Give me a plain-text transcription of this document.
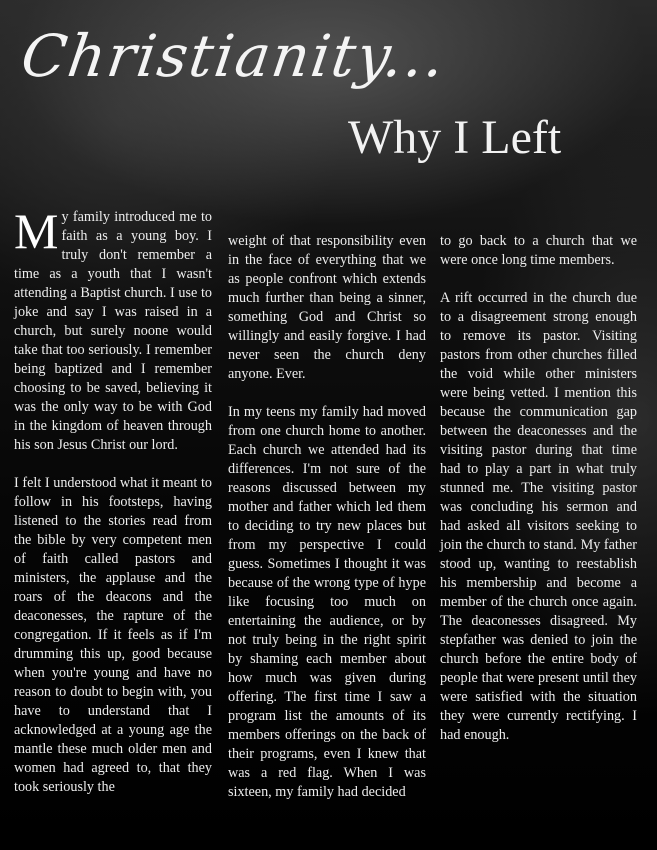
Christianity...
Why I Left

My family introduced me to faith as a young boy. I truly don't remember a time as a youth that I wasn't attending a Baptist church. I use to joke and say I was raised in a church, but surely noone would take that too seriously. I remember being baptized and I remember choosing to be saved, believing it was the only way to be with God in the kingdom of heaven through his son Jesus Christ our lord.

I felt I understood what it meant to follow in his footsteps, having listened to the stories read from the bible by very competent men of faith called pastors and ministers, the applause and the roars of the deacons and the deaconesses, the rapture of the congregation. If it feels as if I'm drumming this up, good because when you're young and have no reason to doubt to begin with, you have to understand that I acknowledged at a young age the mantle these much older men and women had agreed to, that they took seriously the

weight of that responsibility even in the face of everything that we as people confront which extends much further than being a sinner, something God and Christ so willingly and easily forgive. I had never seen the church deny anyone. Ever.

In my teens my family had moved from one church home to another. Each church we attended had its differences. I'm not sure of the reasons discussed between my mother and father which led them to deciding to try new places but from my perspective I could guess. Sometimes I thought it was because of the wrong type of hype like focusing too much on entertaining the audience, or by not truly being in the right spirit by shaming each member about how much was given during offering. The first time I saw a program list the amounts of its members offerings on the back of their programs, even I knew that was a red flag. When I was sixteen, my family had decided

to go back to a church that we were once long time members.

A rift occurred in the church due to a disagreement strong enough to remove its pastor. Visiting pastors from other churches filled the void while other ministers were being vetted. I mention this because the communication gap between the deaconesses and the visiting pastor during that time had to play a part in what truly stunned me. The visiting pastor was concluding his sermon and had asked all visitors seeking to join the church to stand. My father stood up, wanting to reestablish his membership and become a member of the church once again. The deaconesses disagreed. My stepfather was denied to join the church before the entire body of people that were present until they were satisfied with the situation they were currently rectifying. I had enough.
